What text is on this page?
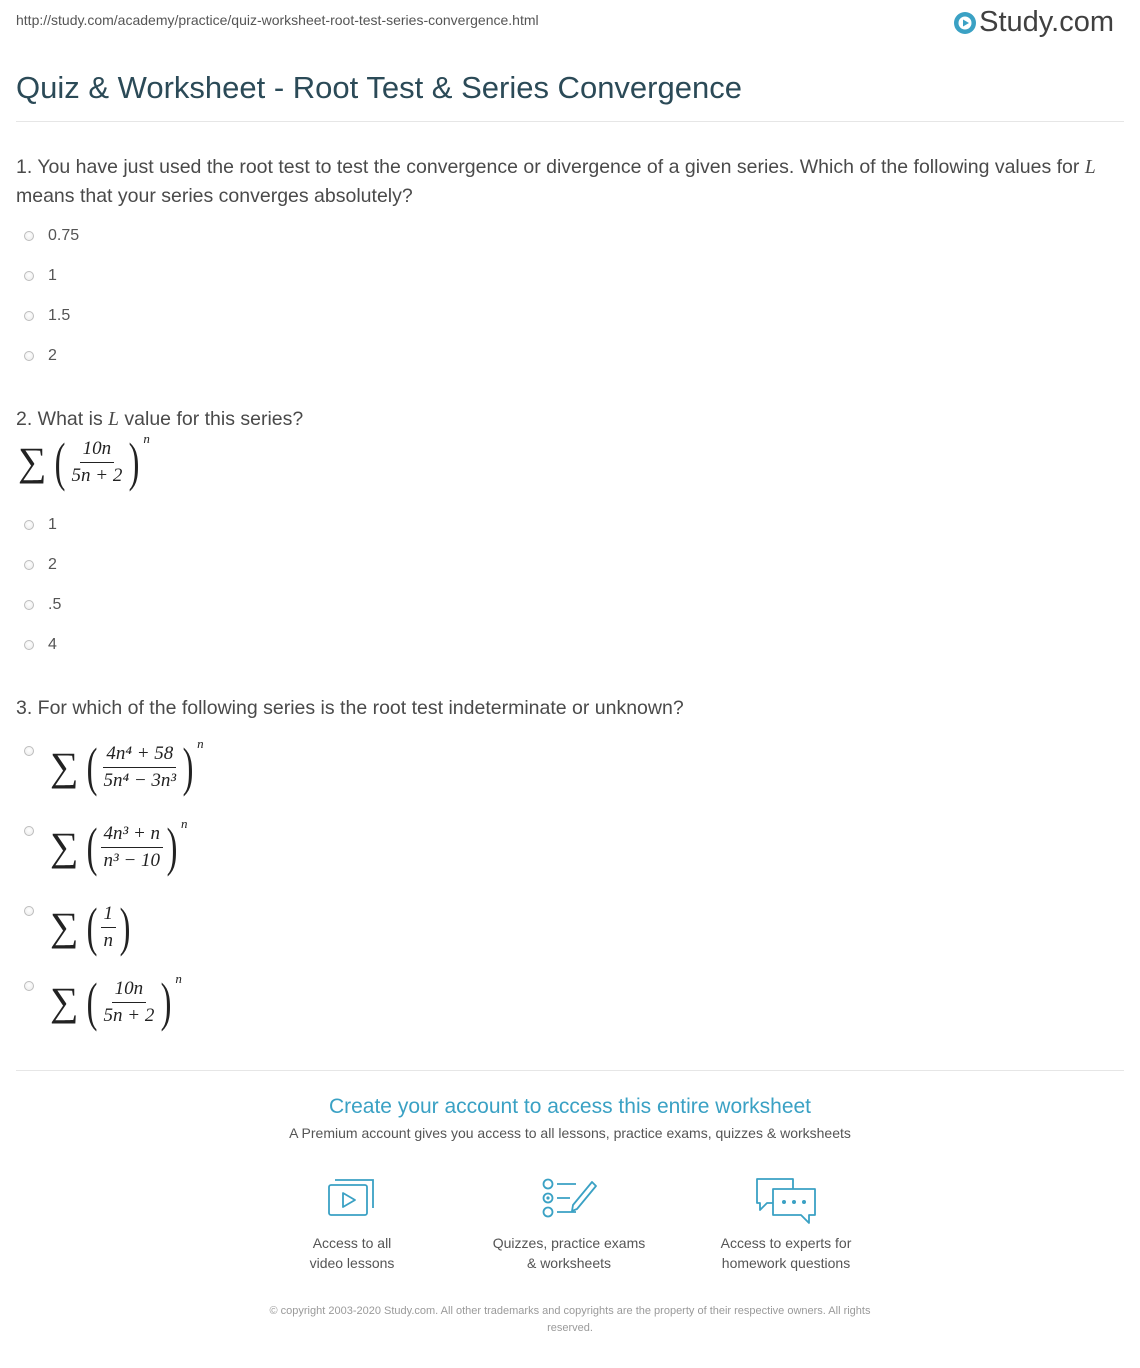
http://study.com/academy/practice/quiz-worksheet-root-test-series-convergence.html	Study.com
Quiz & Worksheet - Root Test & Series Convergence
1. You have just used the root test to test the convergence or divergence of a given series. Which of the following values for L means that your series converges absolutely?
0.75
1
1.5
2
2. What is L value for this series?
∑ ( $\frac{10n}{5n + 2}$ ) n
1
2
.5
4
3. For which of the following series is the root test indeterminate or unknown?
∑ ( $\frac{\text{4n⁴ + 58}}{\text{5n⁴ − 3n³}}$ ) n
∑ ( $\frac{\text{4n³ + n}}{\text{n³ − 10}}$ ) n
∑ ( $\frac{1}{n}$ )
∑ ( $\frac{10n}{5n + 2}$ ) n
Create your account to access this entire worksheet
A Premium account gives you access to all lessons, practice exams, quizzes & worksheets
Access to all
video lessons
Quizzes, practice exams
& worksheets
Access to experts for
homework questions
© copyright 2003-2020 Study.com. All other trademarks and copyrights are the property of their respective owners. All rights
reserved.
